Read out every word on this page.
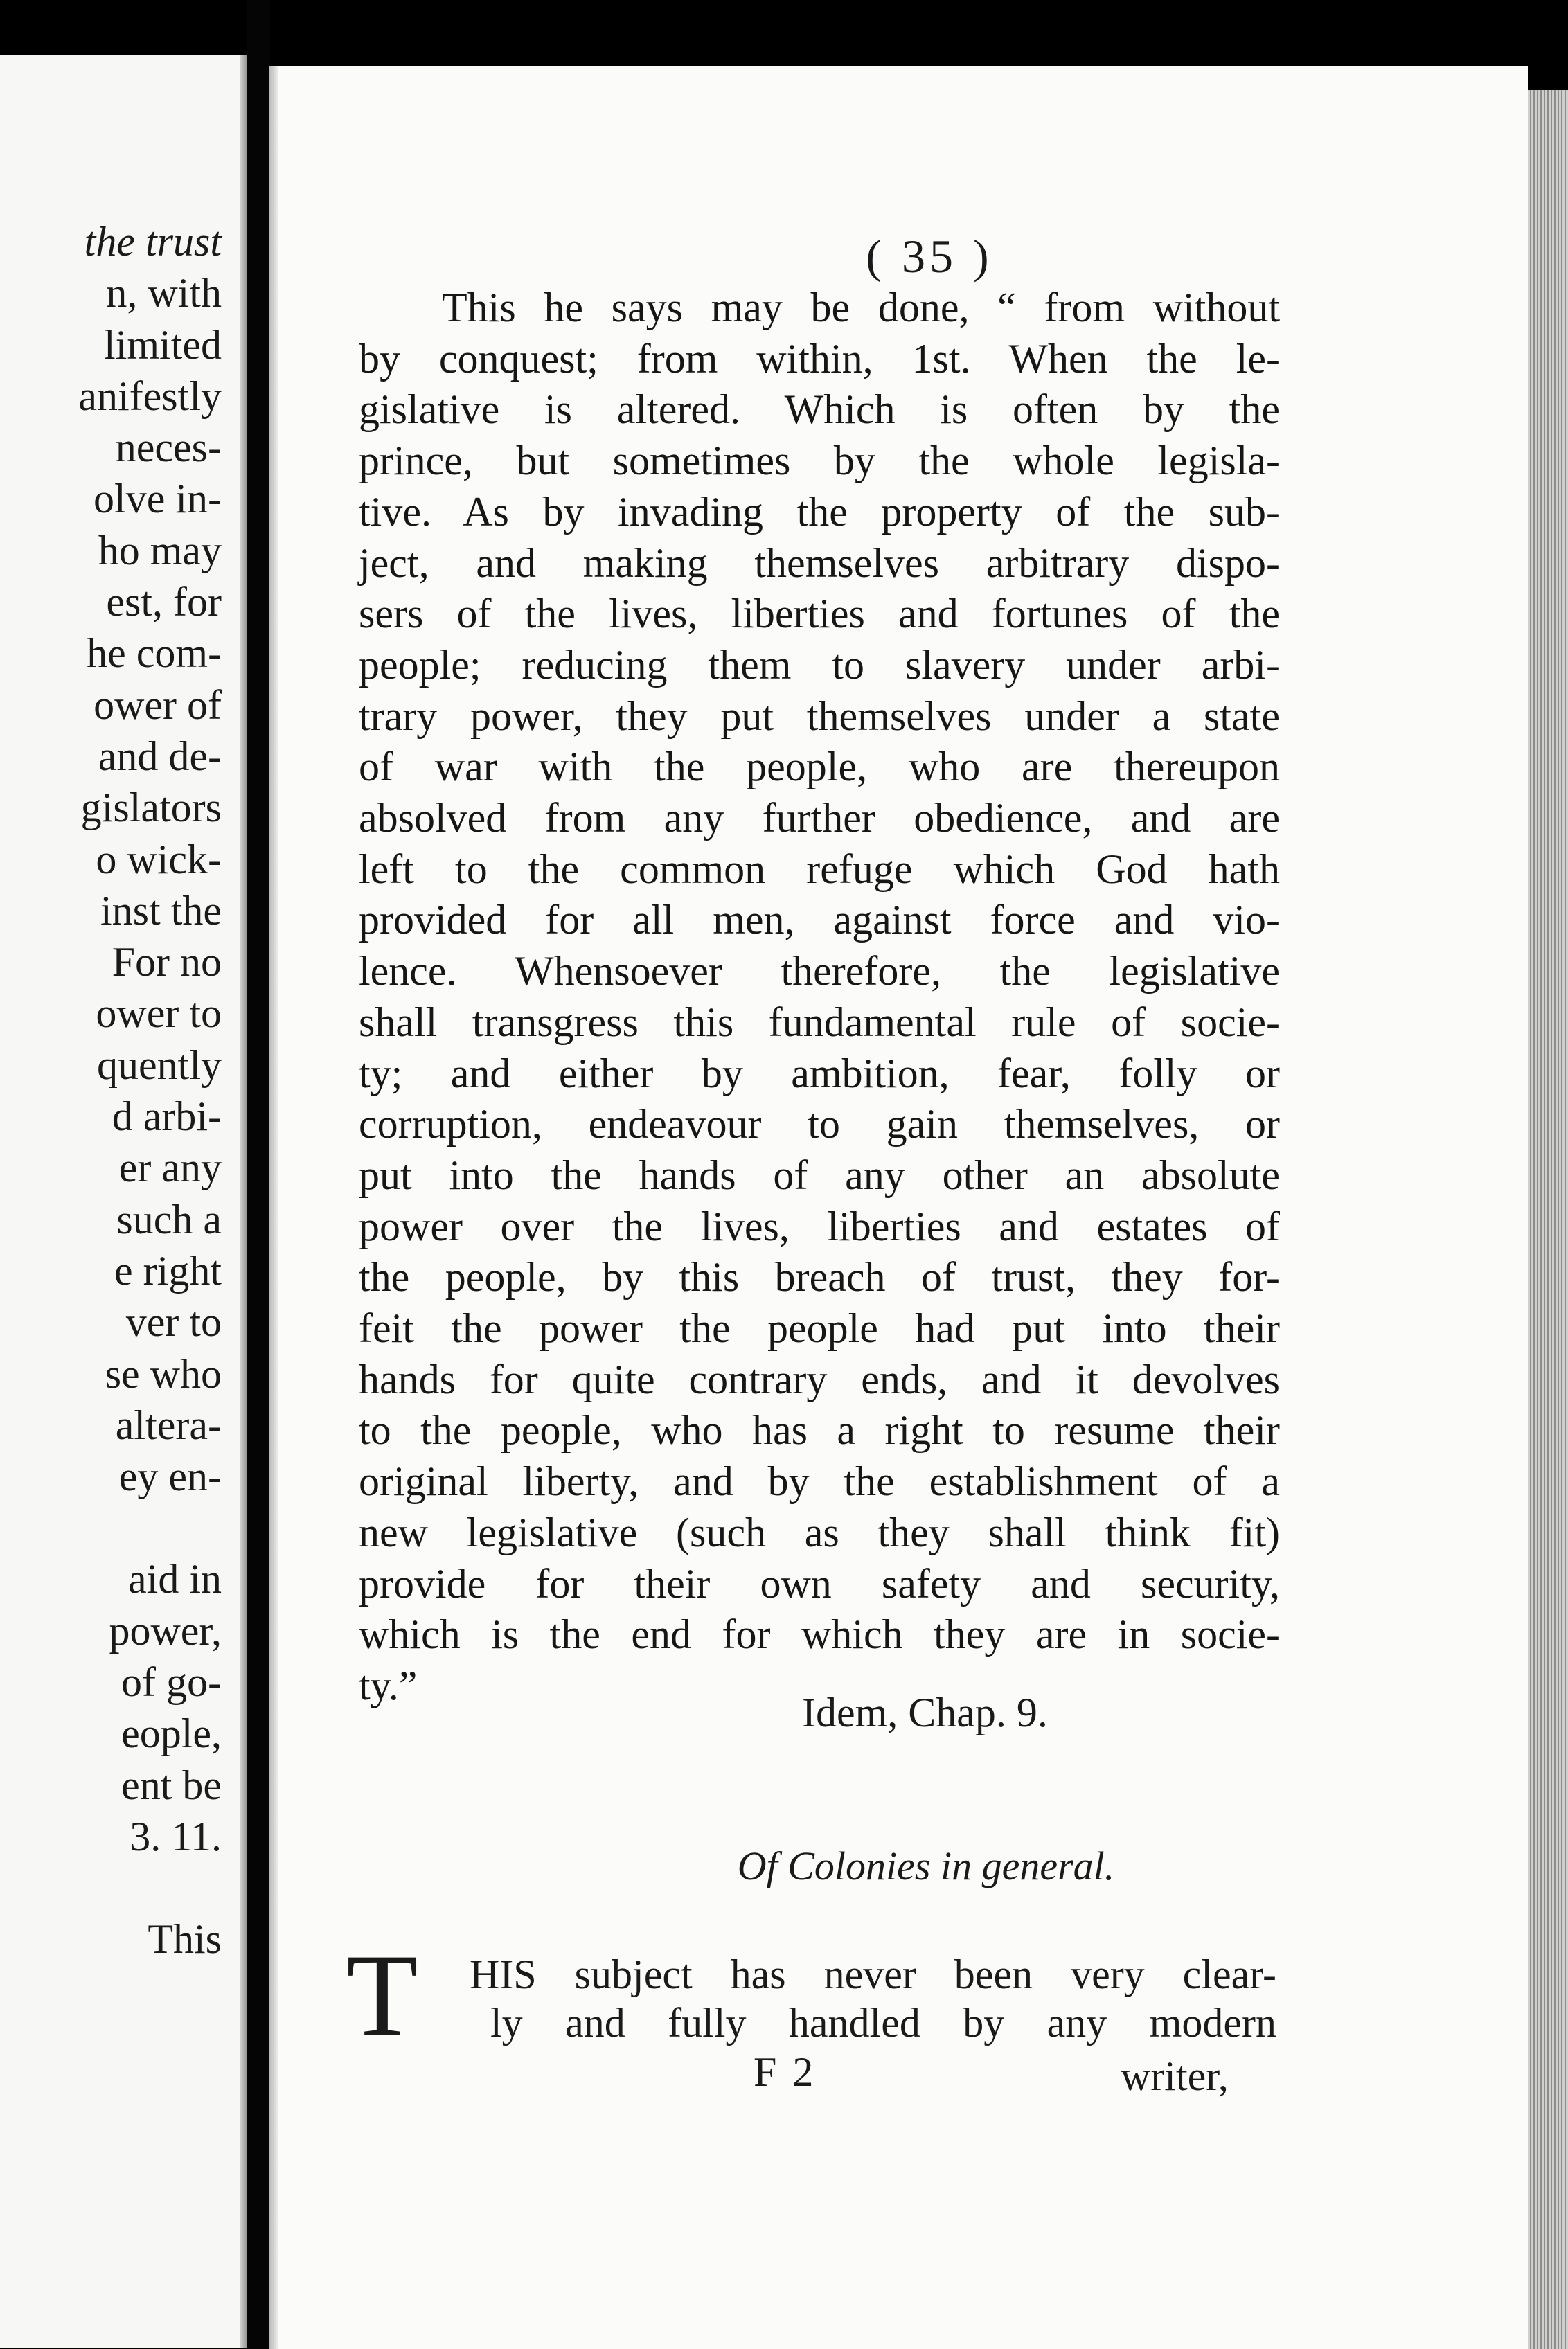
the trust
n, with
limited
anifestly
neces-
olve in-
ho may
est, for
he com-
ower of
and de-
gislators
o wick-
inst the
For no
ower to
quently
d arbi-
er any
such a
e right
ver to
se who
altera-
ey en-
aid in
power,
of go-
eople,
ent be
3. 11.
This
( 35 )
This he says may be done, “ from without
by conquest; from within, 1st. When the le-
gislative is altered. Which is often by the
prince, but sometimes by the whole legisla-
tive. As by invading the property of the sub-
ject, and making themselves arbitrary dispo-
sers of the lives, liberties and fortunes of the
people; reducing them to slavery under arbi-
trary power, they put themselves under a state
of war with the people, who are thereupon
absolved from any further obedience, and are
left to the common refuge which God hath
provided for all men, against force and vio-
lence. Whensoever therefore, the legislative
shall transgress this fundamental rule of socie-
ty; and either by ambition, fear, folly or
corruption, endeavour to gain themselves, or
put into the hands of any other an absolute
power over the lives, liberties and estates of
the people, by this breach of trust, they for-
feit the power the people had put into their
hands for quite contrary ends, and it devolves
to the people, who has a right to resume their
original liberty, and by the establishment of a
new legislative (such as they shall think fit)
provide for their own safety and security,
which is the end for which they are in socie-
ty.”
Idem, Chap. 9.
Of Colonies in general.
T HIS subject has never been very clear-
ly and fully handled by any modern
F 2	writer,
